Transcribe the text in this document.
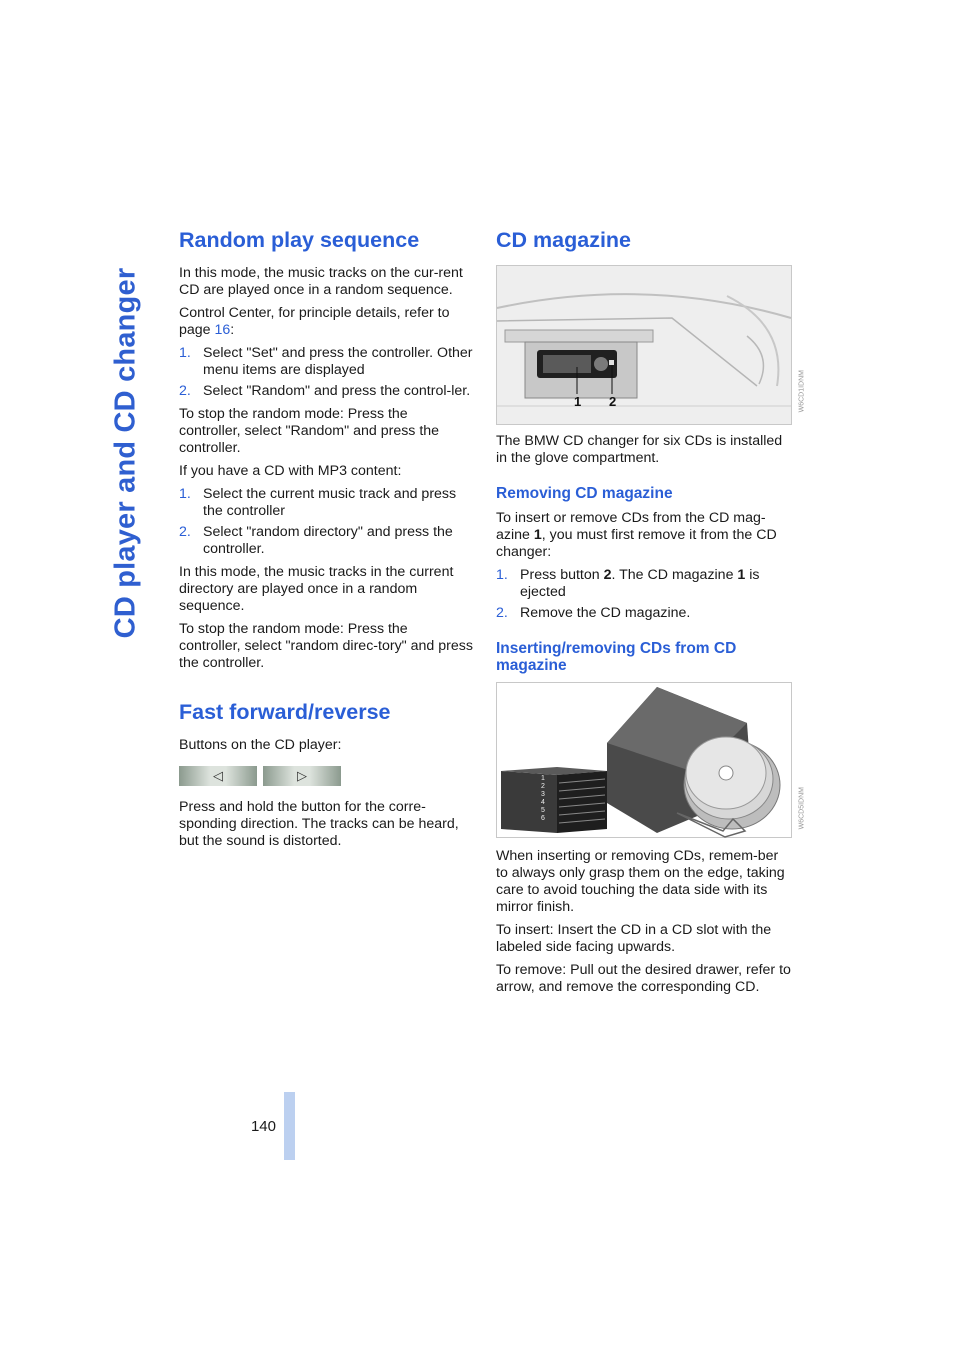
CD player and CD changer
Random play sequence

In this mode, the music tracks on the cur-rent CD are played once in a random sequence.

Control Center, for principle details, refer to page 16:

1. Select "Set" and press the controller. Other menu items are displayed
2. Select "Random" and press the control-ler.

To stop the random mode: Press the controller, select "Random" and press the controller.

If you have a CD with MP3 content:

1. Select the current music track and press the controller
2. Select "random directory" and press the controller.

In this mode, the music tracks in the current directory are played once in a random sequence.

To stop the random mode: Press the controller, select "random direc-tory" and press the controller.

Fast forward/reverse

Buttons on the CD player:

◁	▷

Press and hold the button for the corre-sponding direction. The tracks can be heard, but the sound is distorted.

CD magazine
1 2	W6CD1IDNM

The BMW CD changer for six CDs is installed in the glove compartment.

Removing CD magazine

To insert or remove CDs from the CD mag-azine 1, you must first remove it from the CD changer:

1. Press button 2. The CD magazine 1 is ejected
2. Remove the CD magazine.
Inserting/removing CDs from CD magazine
1
2
3
4
5
6	W6CD5IDNM

When inserting or removing CDs, remem-ber to always only grasp them on the edge, taking care to avoid touching the data side with its mirror finish.

To insert: Insert the CD in a CD slot with the labeled side facing upwards.

To remove: Pull out the desired drawer, refer to arrow, and remove the corresponding CD.

140
